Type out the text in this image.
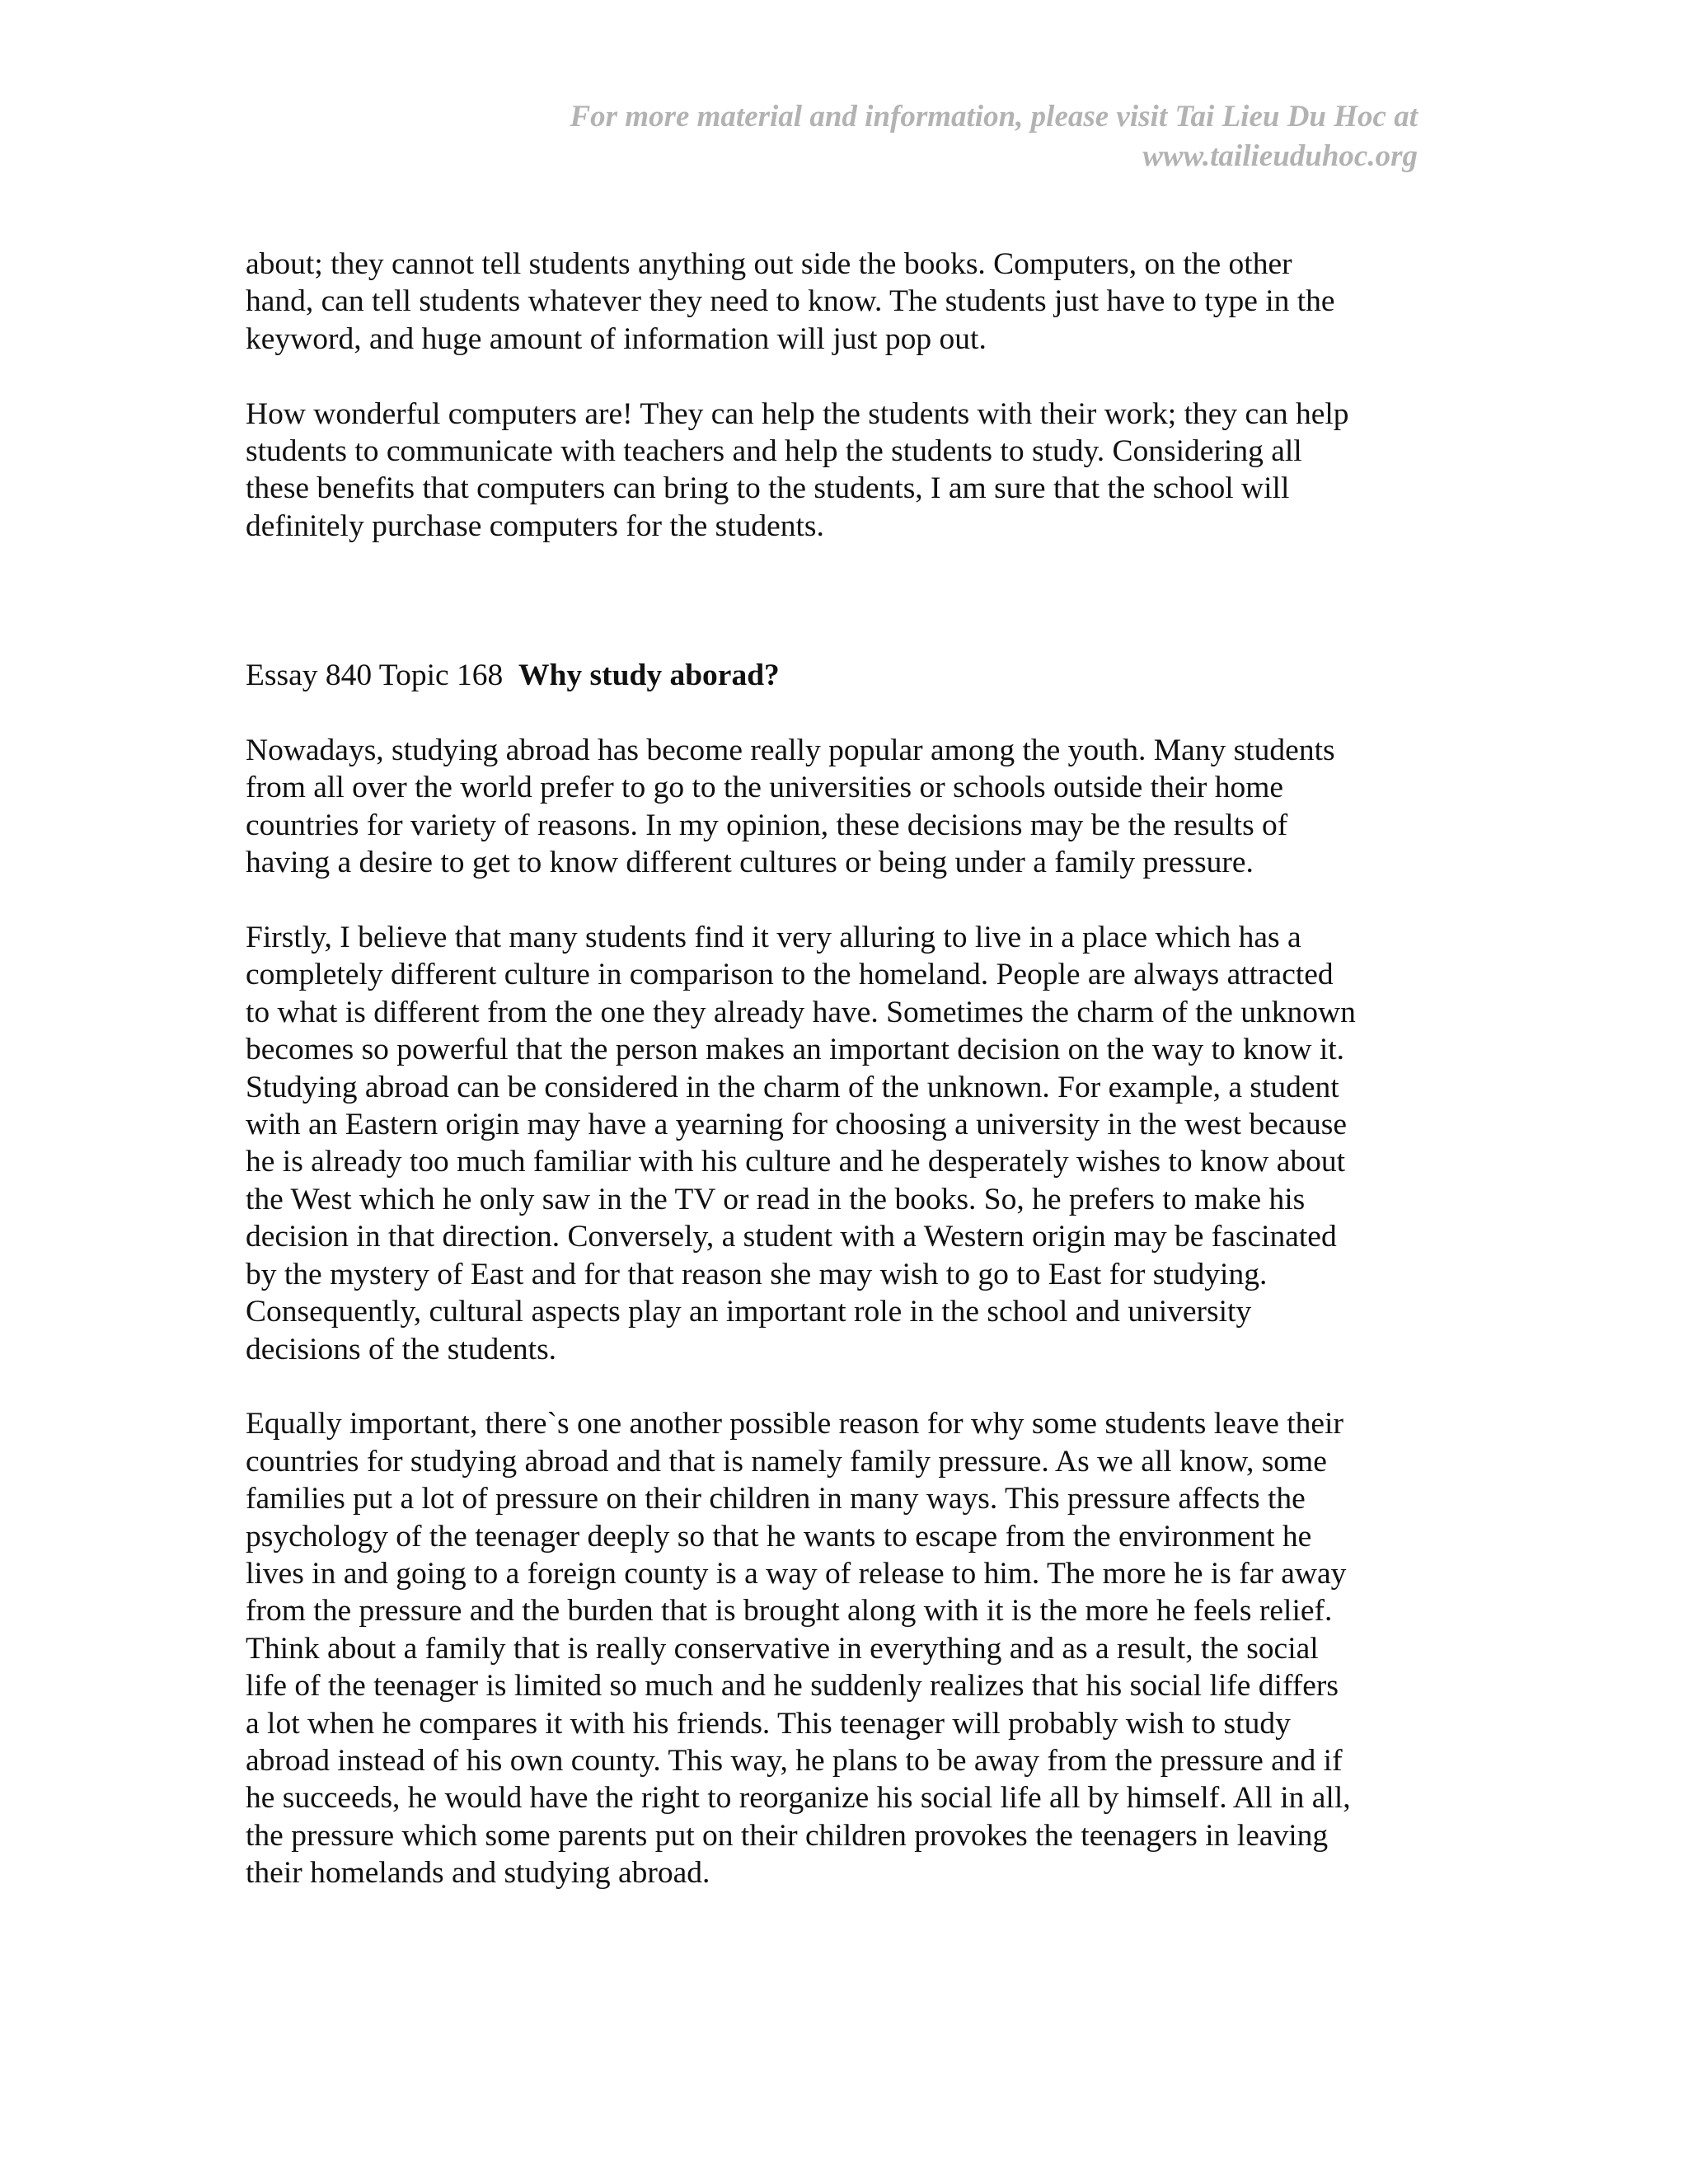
For more material and information, please visit Tai Lieu Du Hoc at
www.tailieuduhoc.org
about; they cannot tell students anything out side the books. Computers, on the other
hand, can tell students whatever they need to know. The students just have to type in the
keyword, and huge amount of information will just pop out.
How wonderful computers are! They can help the students with their work; they can help
students to communicate with teachers and help the students to study. Considering all
these benefits that computers can bring to the students, I am sure that the school will
definitely purchase computers for the students.
Essay 840 Topic 168 Why study aborad?
Nowadays, studying abroad has become really popular among the youth. Many students
from all over the world prefer to go to the universities or schools outside their home
countries for variety of reasons. In my opinion, these decisions may be the results of
having a desire to get to know different cultures or being under a family pressure.
Firstly, I believe that many students find it very alluring to live in a place which has a
completely different culture in comparison to the homeland. People are always attracted
to what is different from the one they already have. Sometimes the charm of the unknown
becomes so powerful that the person makes an important decision on the way to know it.
Studying abroad can be considered in the charm of the unknown. For example, a student
with an Eastern origin may have a yearning for choosing a university in the west because
he is already too much familiar with his culture and he desperately wishes to know about
the West which he only saw in the TV or read in the books. So, he prefers to make his
decision in that direction. Conversely, a student with a Western origin may be fascinated
by the mystery of East and for that reason she may wish to go to East for studying.
Consequently, cultural aspects play an important role in the school and university
decisions of the students.
Equally important, there`s one another possible reason for why some students leave their
countries for studying abroad and that is namely family pressure. As we all know, some
families put a lot of pressure on their children in many ways. This pressure affects the
psychology of the teenager deeply so that he wants to escape from the environment he
lives in and going to a foreign county is a way of release to him. The more he is far away
from the pressure and the burden that is brought along with it is the more he feels relief.
Think about a family that is really conservative in everything and as a result, the social
life of the teenager is limited so much and he suddenly realizes that his social life differs
a lot when he compares it with his friends. This teenager will probably wish to study
abroad instead of his own county. This way, he plans to be away from the pressure and if
he succeeds, he would have the right to reorganize his social life all by himself. All in all,
the pressure which some parents put on their children provokes the teenagers in leaving
their homelands and studying abroad.
